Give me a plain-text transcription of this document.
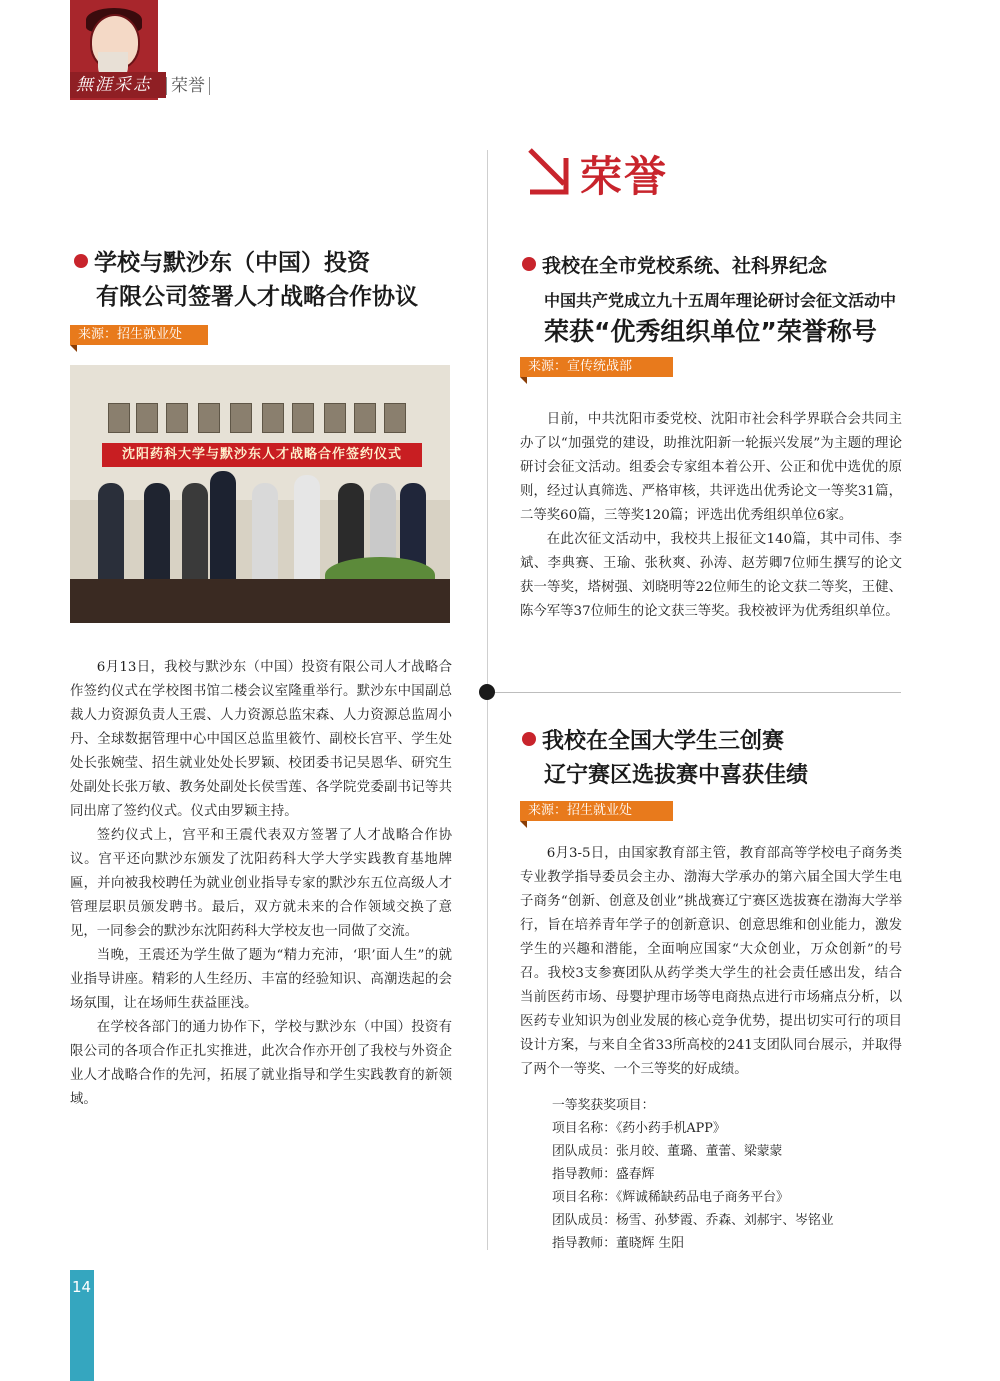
無涯采志	荣誉
荣誉
学校与默沙东（中国）投资
有限公司签署人才战略合作协议
来源：招生就业处
沈阳药科大学与默沙东人才战略合作签约仪式

6月13日，我校与默沙东（中国）投资有限公司人才战略合作签约仪式在学校图书馆二楼会议室隆重举行。默沙东中国副总裁人力资源负责人王震、人力资源总监宋森、人力资源总监周小丹、全球数据管理中心中国区总监里筱竹、副校长宫平、学生处处长张婉莹、招生就业处处长罗颖、校团委书记吴恩华、研究生处副处长张万敏、教务处副处长侯雪莲、各学院党委副书记等共同出席了签约仪式。仪式由罗颖主持。

签约仪式上，宫平和王震代表双方签署了人才战略合作协议。宫平还向默沙东颁发了沈阳药科大学大学实践教育基地牌匾，并向被我校聘任为就业创业指导专家的默沙东五位高级人才管理层职员颁发聘书。最后，双方就未来的合作领域交换了意见，一同参会的默沙东沈阳药科大学校友也一同做了交流。

当晚，王震还为学生做了题为“精力充沛，‘职’面人生”的就业指导讲座。精彩的人生经历、丰富的经验知识、高潮迭起的会场氛围，让在场师生获益匪浅。

在学校各部门的通力协作下，学校与默沙东（中国）投资有限公司的各项合作正扎实推进，此次合作亦开创了我校与外资企业人才战略合作的先河，拓展了就业指导和学生实践教育的新领域。

我校在全市党校系统、社科界纪念
中国共产党成立九十五周年理论研讨会征文活动中
荣获“优秀组织单位”荣誉称号
来源：宣传统战部

日前，中共沈阳市委党校、沈阳市社会科学界联合会共同主办了以“加强党的建设，助推沈阳新一轮振兴发展”为主题的理论研讨会征文活动。组委会专家组本着公开、公正和优中选优的原则，经过认真筛选、严格审核，共评选出优秀论文一等奖31篇，二等奖60篇，三等奖120篇；评选出优秀组织单位6家。

在此次征文活动中，我校共上报征文140篇，其中司伟、李斌、李典赛、王瑜、张秋爽、孙涛、赵芳卿7位师生撰写的论文获一等奖，塔树强、刘晓明等22位师生的论文获二等奖，王健、陈今军等37位师生的论文获三等奖。我校被评为优秀组织单位。

我校在全国大学生三创赛
辽宁赛区选拔赛中喜获佳绩
来源：招生就业处

6月3-5日，由国家教育部主管，教育部高等学校电子商务类专业教学指导委员会主办、渤海大学承办的第六届全国大学生电子商务“创新、创意及创业”挑战赛辽宁赛区选拔赛在渤海大学举行，旨在培养青年学子的创新意识、创意思维和创业能力，激发学生的兴趣和潜能，全面响应国家“大众创业，万众创新”的号召。我校3支参赛团队从药学类大学生的社会责任感出发，结合当前医药市场、母婴护理市场等电商热点进行市场痛点分析，以医药专业知识为创业发展的核心竞争优势，提出切实可行的项目设计方案，与来自全省33所高校的241支团队同台展示，并取得了两个一等奖、一个三等奖的好成绩。

一等奖获奖项目：
项目名称：《药小药手机APP》
团队成员：张月皎、董璐、董蕾、梁蒙蒙
指导教师：盛春辉
项目名称：《辉诚稀缺药品电子商务平台》
团队成员：杨雪、孙梦霞、乔森、刘郝宇、岑铭业
指导教师：董晓辉 生阳
14
